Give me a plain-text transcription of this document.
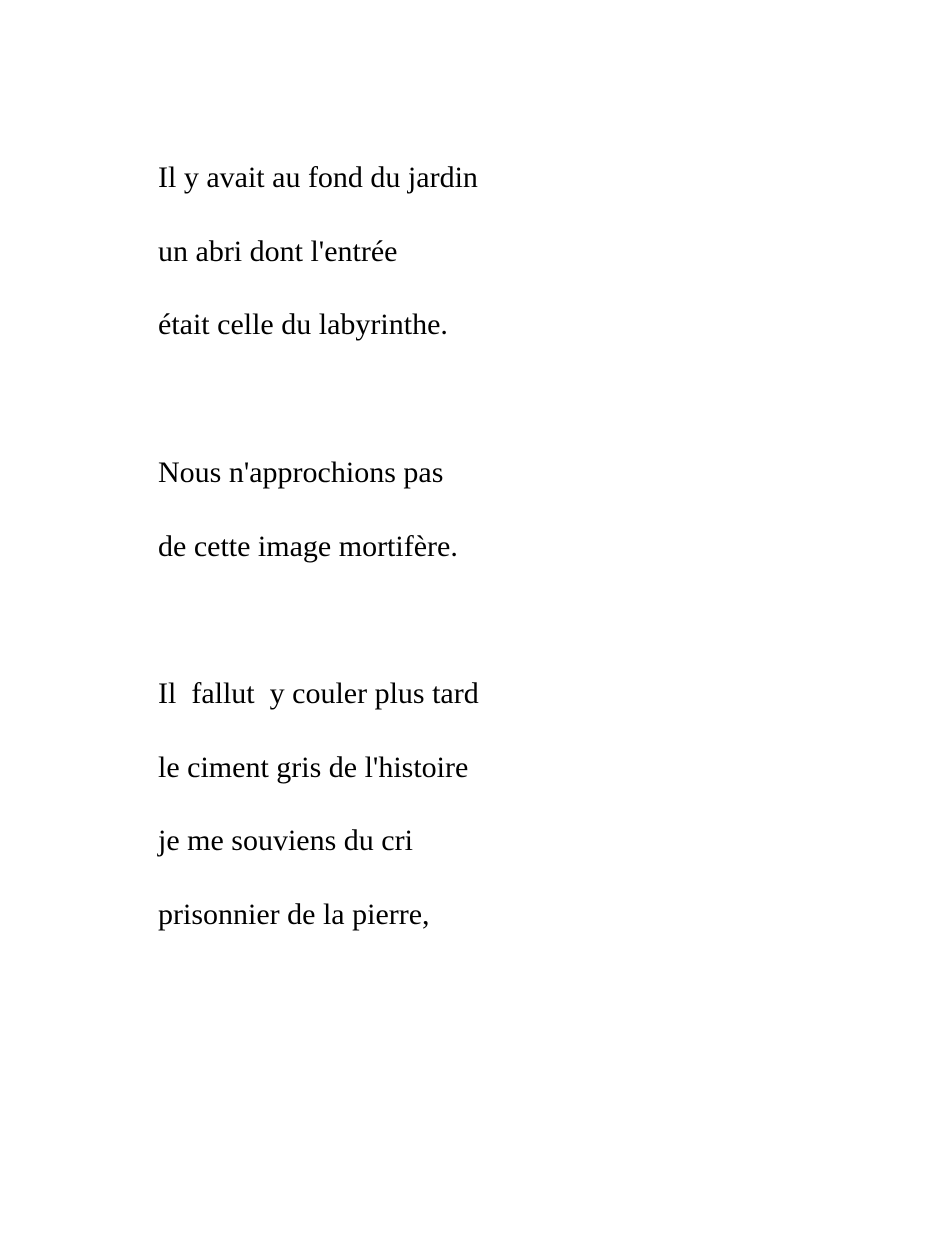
Il y avait au fond du jardin

un abri dont l'entrée

était celle du labyrinthe.

Nous n'approchions pas

de cette image mortifère.

Il  fallut  y couler plus tard

le ciment gris de l'histoire

je me souviens du cri

prisonnier de la pierre,
